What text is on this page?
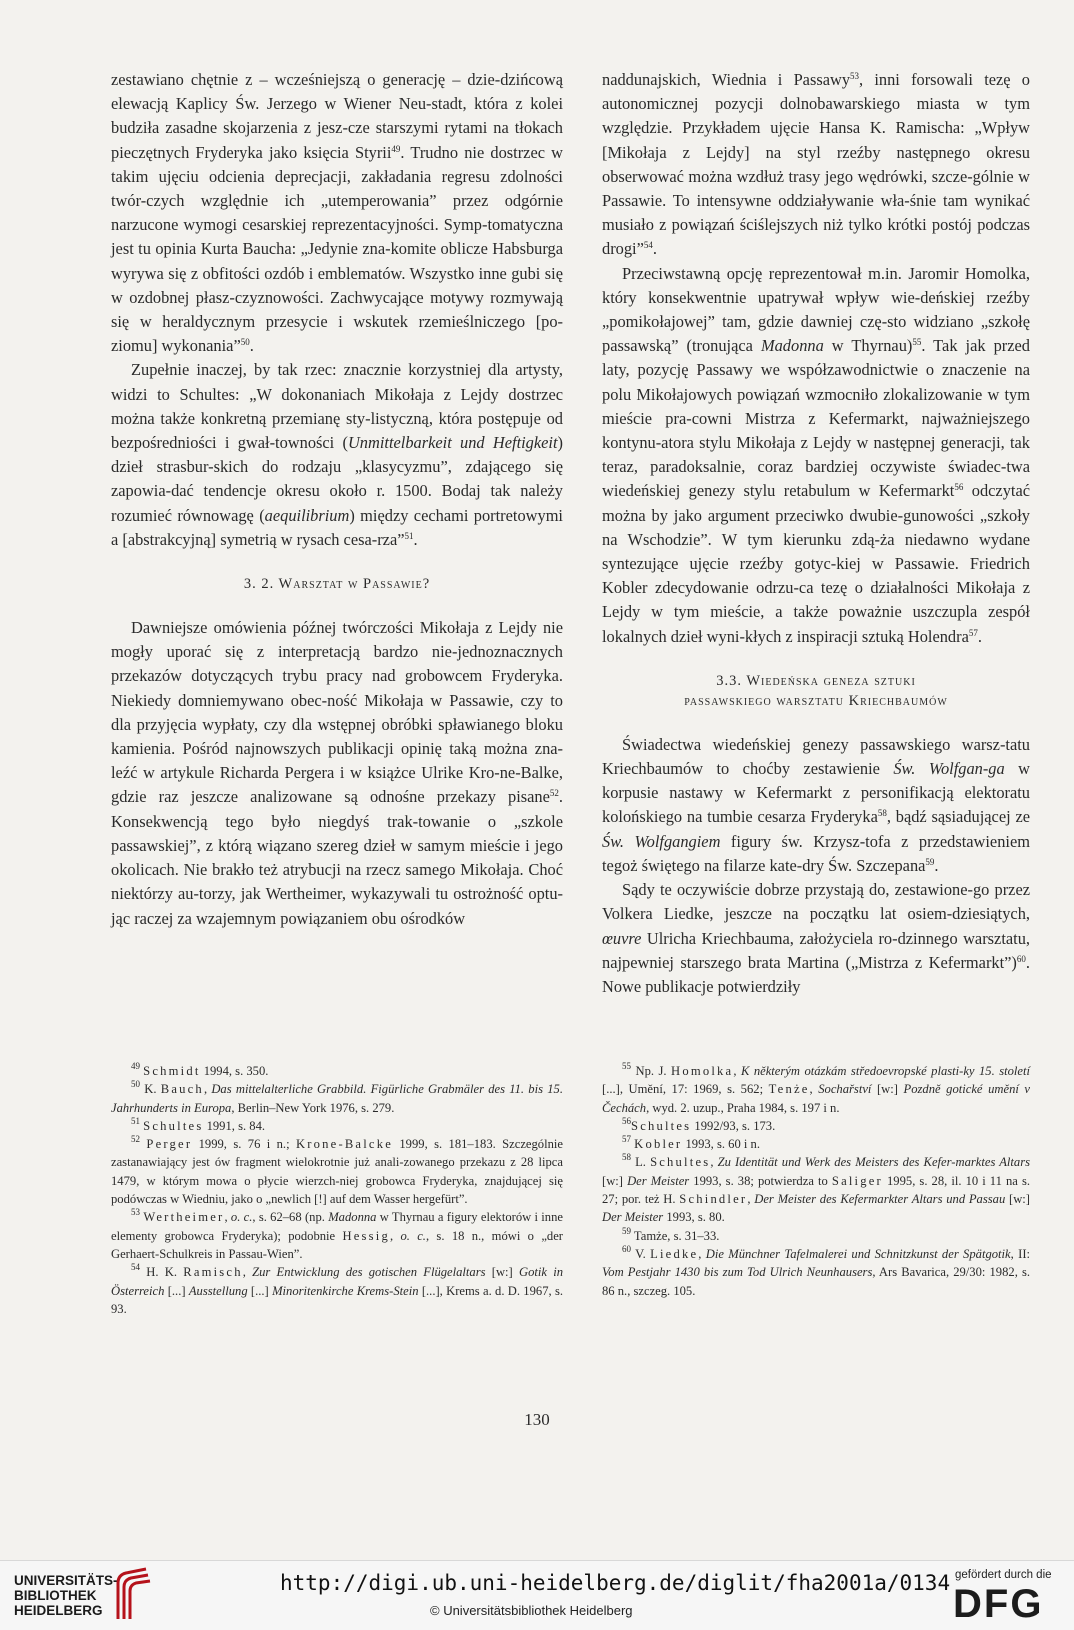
zestawiano chętnie z – wcześniejszą o generację – dzie-dzińcową elewacją Kaplicy Św. Jerzego w Wiener Neu-stadt, która z kolei budziła zasadne skojarzenia z jesz-cze starszymi rytami na tłokach pieczętnych Fryderyka jako księcia Styrii$^{49}$. Trudno nie dostrzec w takim ujęciu odcienia deprecjacji, zakładania regresu zdolności twór-czych względnie ich „utemperowania” przez odgórnie narzucone wymogi cesarskiej reprezentacyjności. Symp-tomatyczna jest tu opinia Kurta Baucha: „Jedynie zna-komite oblicze Habsburga wyrywa się z obfitości ozdób i emblematów. Wszystko inne gubi się w ozdobnej płasz-czyznowości. Zachwycające motywy rozmywają się w heraldycznym przesycie i wskutek rzemieślniczego [po-ziomu] wykonania”$^{50}$.

Zupełnie inaczej, by tak rzec: znacznie korzystniej dla artysty, widzi to Schultes: „W dokonaniach Mikołaja z Lejdy dostrzec można także konkretną przemianę sty-listyczną, która postępuje od bezpośredniości i gwał-towności (Unmittelbarkeit und Heftigkeit) dzieł strasbur-skich do rodzaju „klasycyzmu”, zdającego się zapowia-dać tendencje okresu około r. 1500. Bodaj tak należy rozumieć równowagę (aequilibrium) między cechami portretowymi a [abstrakcyjną] symetrią w rysach cesa-rza”$^{51}$.

3. 2. Warsztat w Passawie?

Dawniejsze omówienia późnej twórczości Mikołaja z Lejdy nie mogły uporać się z interpretacją bardzo nie-jednoznacznych przekazów dotyczących trybu pracy nad grobowcem Fryderyka. Niekiedy domniemywano obec-ność Mikołaja w Passawie, czy to dla przyjęcia wypłaty, czy dla wstępnej obróbki spławianego bloku kamienia. Pośród najnowszych publikacji opinię taką można zna-leźć w artykule Richarda Pergera i w książce Ulrike Kro-ne-Balke, gdzie raz jeszcze analizowane są odnośne przekazy pisane$^{52}$. Konsekwencją tego było niegdyś trak-towanie o „szkole passawskiej”, z którą wiązano szereg dzieł w samym mieście i jego okolicach. Nie brakło też atrybucji na rzecz samego Mikołaja. Choć niektórzy au-torzy, jak Wertheimer, wykazywali tu ostrożność optu-jąc raczej za wzajemnym powiązaniem obu ośrodków

naddunajskich, Wiednia i Passawy$^{53}$, inni forsowali tezę o autonomicznej pozycji dolnobawarskiego miasta w tym względzie. Przykładem ujęcie Hansa K. Ramischa: „Wpływ [Mikołaja z Lejdy] na styl rzeźby następnego okresu obserwować można wzdłuż trasy jego wędrówki, szcze-gólnie w Passawie. To intensywne oddziaływanie wła-śnie tam wynikać musiało z powiązań ściślejszych niż tylko krótki postój podczas drogi”$^{54}$.

Przeciwstawną opcję reprezentował m.in. Jaromir Homolka, który konsekwentnie upatrywał wpływ wie-deńskiej rzeźby „pomikołajowej” tam, gdzie dawniej czę-sto widziano „szkołę passawską” (tronująca Madonna w Thyrnau)$^{55}$. Tak jak przed laty, pozycję Passawy we współzawodnictwie o znaczenie na polu Mikołajowych powiązań wzmocniło zlokalizowanie w tym mieście pra-cowni Mistrza z Kefermarkt, najważniejszego kontynu-atora stylu Mikołaja z Lejdy w następnej generacji, tak teraz, paradoksalnie, coraz bardziej oczywiste świadec-twa wiedeńskiej genezy stylu retabulum w Kefermarkt$^{56}$ odczytać można by jako argument przeciwko dwubie-gunowości „szkoły na Wschodzie”. W tym kierunku zdą-ża niedawno wydane syntezujące ujęcie rzeźby gotyc-kiej w Passawie. Friedrich Kobler zdecydowanie odrzu-ca tezę o działalności Mikołaja z Lejdy w tym mieście, a także poważnie uszczupla zespół lokalnych dzieł wyni-kłych z inspiracji sztuką Holendra$^{57}$.

3.3. Wiedeńska geneza sztuki
passawskiego warsztatu Kriechbaumów

Świadectwa wiedeńskiej genezy passawskiego warsz-tatu Kriechbaumów to choćby zestawienie Św. Wolfgan-ga w korpusie nastawy w Kefermarkt z personifikacją elektoratu kolońskiego na tumbie cesarza Fryderyka$^{58}$, bądź sąsiadującej ze Św. Wolfgangiem figury św. Krzysz-tofa z przedstawieniem tegoż świętego na filarze kate-dry Św. Szczepana$^{59}$.

Sądy te oczywiście dobrze przystają do, zestawione-go przez Volkera Liedke, jeszcze na początku lat osiem-dziesiątych, œuvre Ulricha Kriechbauma, założyciela ro-dzinnego warsztatu, najpewniej starszego brata Martina („Mistrza z Kefermarkt”)$^{60}$. Nowe publikacje potwierdziły

$^{49}$ Schmidt 1994, s. 350.

$^{50}$ K. Bauch, Das mittelalterliche Grabbild. Figürliche Grabmäler des 11. bis 15. Jahrhunderts in Europa, Berlin–New York 1976, s. 279.

$^{51}$ Schultes 1991, s. 84.

$^{52}$ Perger 1999, s. 76 i n.; Krone-Balcke 1999, s. 181–183. Szczególnie zastanawiający jest ów fragment wielokrotnie już anali-zowanego przekazu z 28 lipca 1479, w którym mowa o płycie wierzch-niej grobowca Fryderyka, znajdującej się podówczas w Wiedniu, jako o „newlich [!] auf dem Wasser hergefürt”.

$^{53}$ Wertheimer, o. c., s. 62–68 (np. Madonna w Thyrnau a figury elektorów i inne elementy grobowca Fryderyka); podobnie Hessig, o. c., s. 18 n., mówi o „der Gerhaert-Schulkreis in Passau-Wien”.

$^{54}$ H. K. Ramisch, Zur Entwicklung des gotischen Flügelaltars [w:] Gotik in Österreich [...] Ausstellung [...] Minoritenkirche Krems-Stein [...], Krems a. d. D. 1967, s. 93.

$^{55}$ Np. J. Homolka, K některým otázkám středoevropské plasti-ky 15. století [...], Umění, 17: 1969, s. 562; Tenże, Sochařství [w:] Pozdně gotické umění v Čechách, wyd. 2. uzup., Praha 1984, s. 197 i n.

$^{56}$Schultes 1992/93, s. 173.

$^{57}$ Kobler 1993, s. 60 i n.

$^{58}$ L. Schultes, Zu Identität und Werk des Meisters des Kefer-marktes Altars [w:] Der Meister 1993, s. 38; potwierdza to Saliger 1995, s. 28, il. 10 i 11 na s. 27; por. też H. Schindler, Der Meister des Kefermarkter Altars und Passau [w:] Der Meister 1993, s. 80.

$^{59}$ Tamże, s. 31–33.

$^{60}$ V. Liedke, Die Münchner Tafelmalerei und Schnitzkunst der Spätgotik, II: Vom Pestjahr 1430 bis zum Tod Ulrich Neunhausers, Ars Bavarica, 29/30: 1982, s. 86 n., szczeg. 105.

130
UNIVERSITÄTS-
BIBLIOTHEK
HEIDELBERG
http://digi.ub.uni-heidelberg.de/diglit/fha2001a/0134
© Universitätsbibliothek Heidelberg
gefördert durch die
DFG
